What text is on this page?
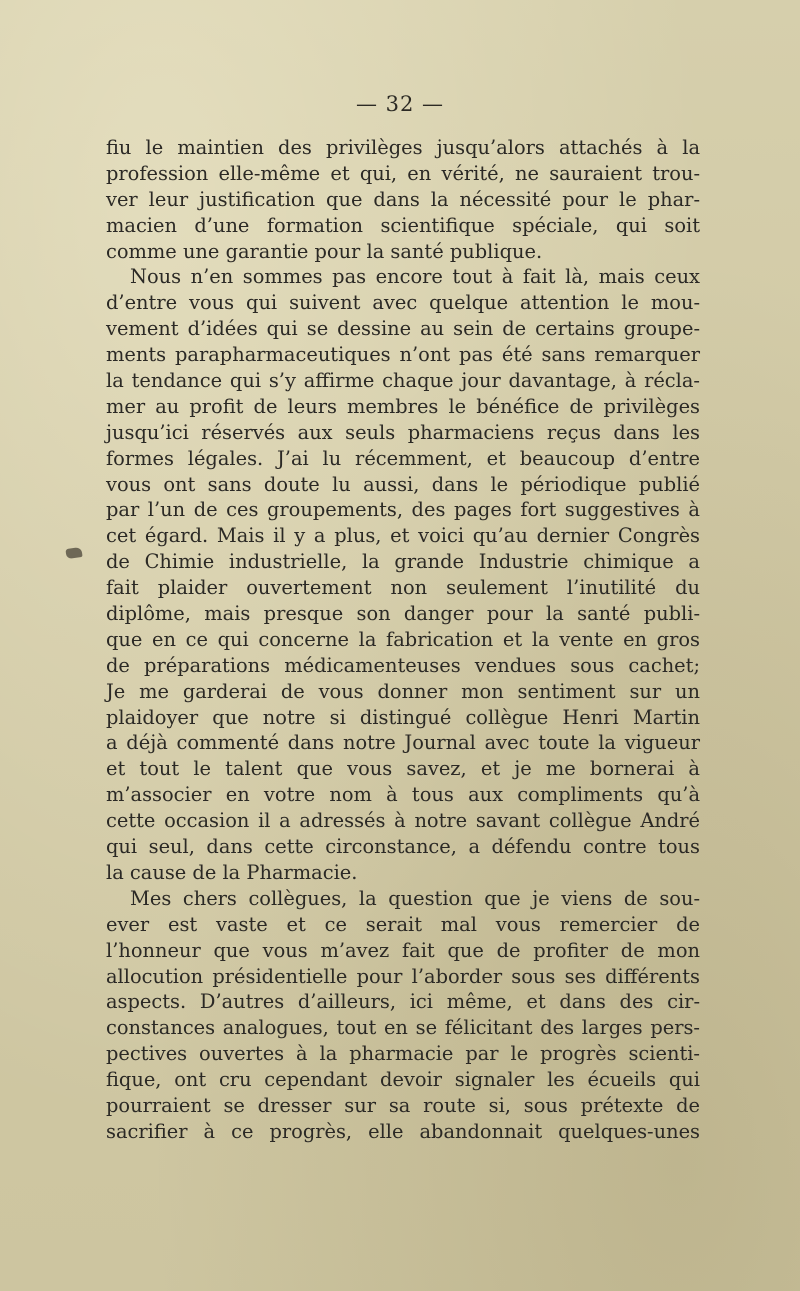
— 32 —
fiu le maintien des privilèges jusqu’alors attachés à la
profession elle-même et qui, en vérité, ne sauraient trou-
ver leur justification que dans la nécessité pour le phar-
macien d’une formation scientifique spéciale, qui soit
comme une garantie pour la santé publique.
Nous n’en sommes pas encore tout à fait là, mais ceux
d’entre vous qui suivent avec quelque attention le mou-
vement d’idées qui se dessine au sein de certains groupe-
ments parapharmaceutiques n’ont pas été sans remarquer
la tendance qui s’y affirme chaque jour davantage, à récla-
mer au profit de leurs membres le bénéfice de privilèges
jusqu’ici réservés aux seuls pharmaciens reçus dans les
formes légales. J’ai lu récemment, et beaucoup d’entre
vous ont sans doute lu aussi, dans le périodique publié
par l’un de ces groupements, des pages fort suggestives à
cet égard. Mais il y a plus, et voici qu’au dernier Congrès
de Chimie industrielle, la grande Industrie chimique a
fait plaider ouvertement non seulement l’inutilité du
diplôme, mais presque son danger pour la santé publi-
que en ce qui concerne la fabrication et la vente en gros
de préparations médicamenteuses vendues sous cachet;
Je me garderai de vous donner mon sentiment sur un
plaidoyer que notre si distingué collègue Henri Martin
a déjà commenté dans notre Journal avec toute la vigueur
et tout le talent que vous savez, et je me bornerai à
m’associer en votre nom à tous aux compliments qu’à
cette occasion il a adressés à notre savant collègue André
qui seul, dans cette circonstance, a défendu contre tous
la cause de la Pharmacie.
Mes chers collègues, la question que je viens de sou-
ever est vaste et ce serait mal vous remercier de
l’honneur que vous m’avez fait que de profiter de mon
allocution présidentielle pour l’aborder sous ses différents
aspects. D’autres d’ailleurs, ici même, et dans des cir-
constances analogues, tout en se félicitant des larges pers-
pectives ouvertes à la pharmacie par le progrès scienti-
fique, ont cru cependant devoir signaler les écueils qui
pourraient se dresser sur sa route si, sous prétexte de
sacrifier à ce progrès, elle abandonnait quelques-unes
